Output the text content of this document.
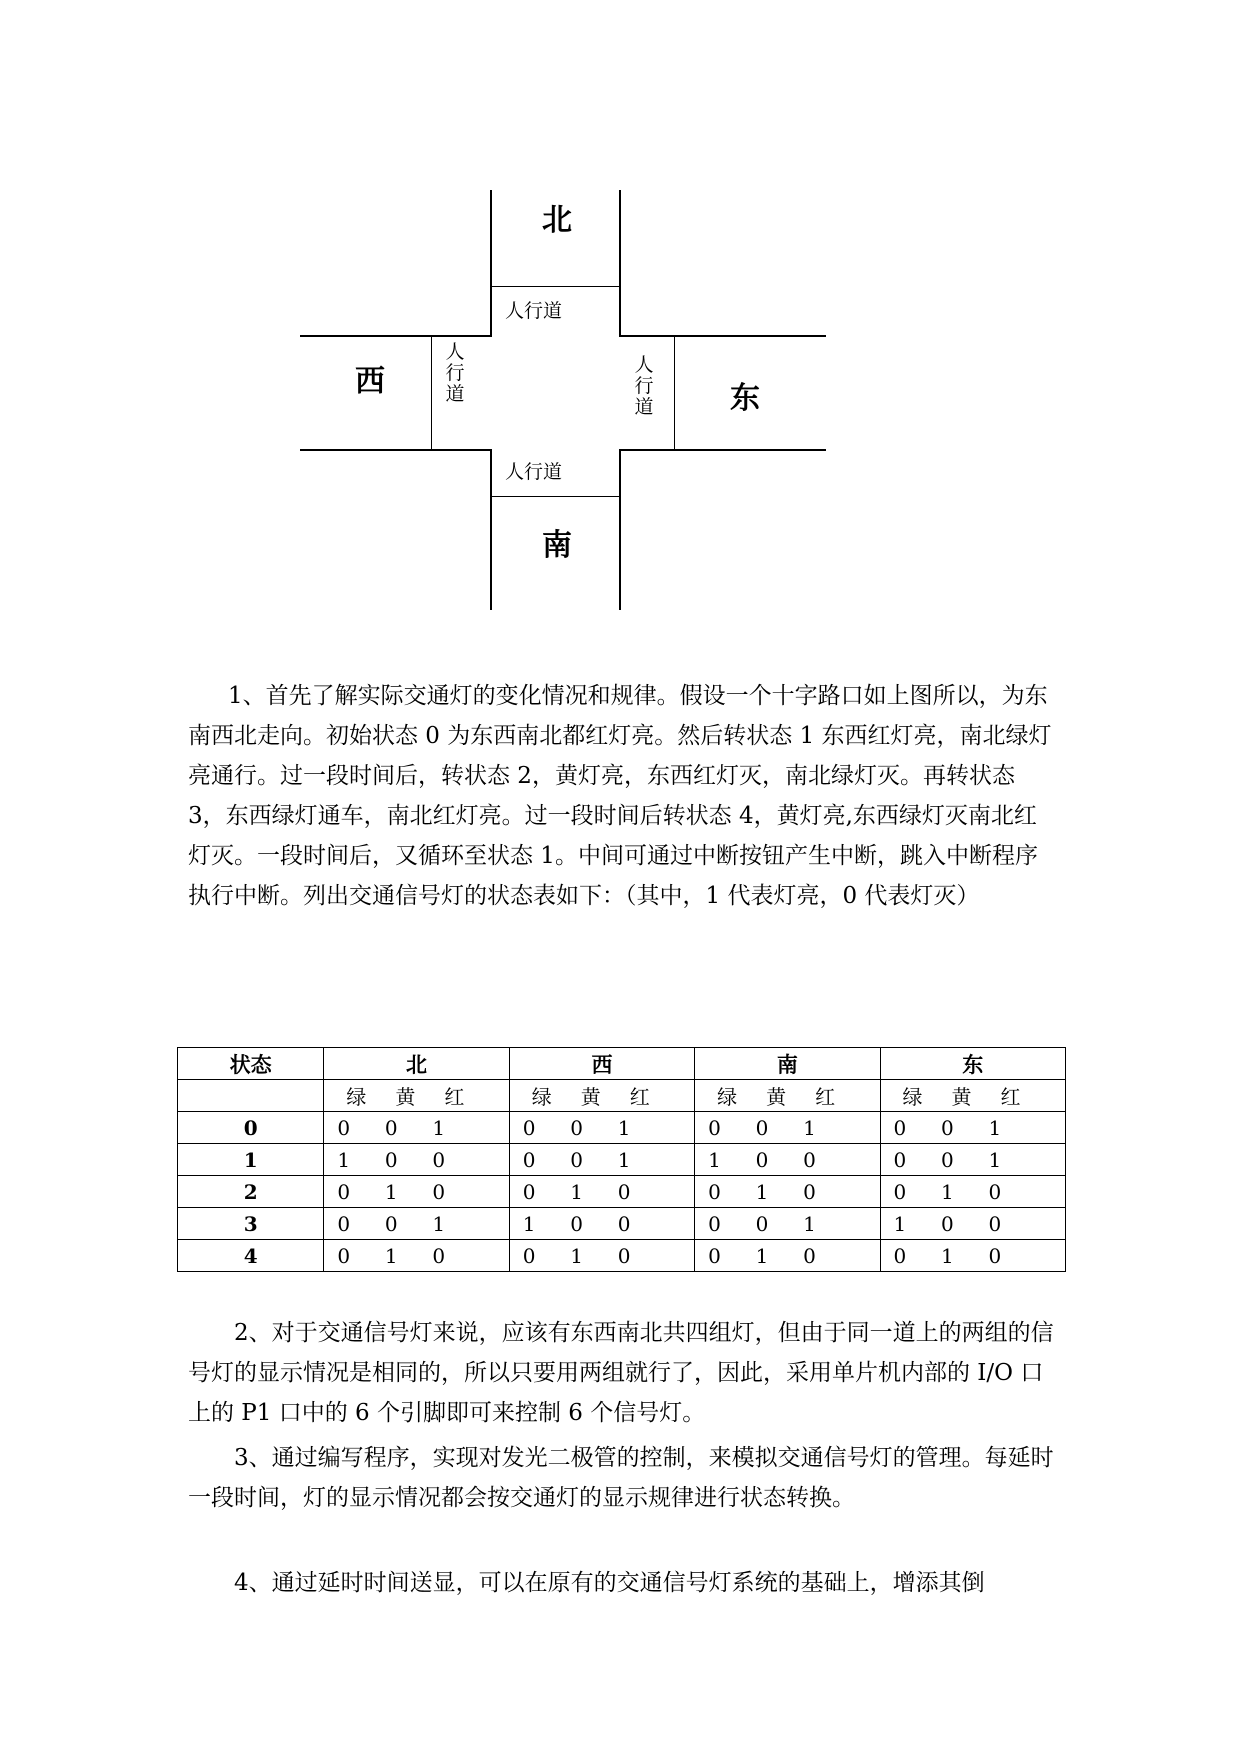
北
南
西	东
人行道
人行道
人
行
道
人
行
道

1、首先了解实际交通灯的变化情况和规律。假设一个十字路口如上图所以，为东南西北走向。初始状态 0 为东西南北都红灯亮。然后转状态 1 东西红灯亮，南北绿灯亮通行。过一段时间后，转状态 2，黄灯亮，东西红灯灭，南北绿灯灭。再转状态 3，东西绿灯通车，南北红灯亮。过一段时间后转状态 4，黄灯亮,东西绿灯灭南北红灯灭。一段时间后，又循环至状态 1。中间可通过中断按钮产生中断，跳入中断程序执行中断。列出交通信号灯的状态表如下：（其中，1 代表灯亮，0 代表灯灭）

状态	北	西	南	东

	绿 黄 红	绿 黄 红	绿 黄 红	绿 黄 红

0	0 0 1	0 0 1	0 0 1	0 0 1

1	1 0 0	0 0 1	1 0 0	0 0 1

2	0 1 0	0 1 0	0 1 0	0 1 0

3	0 0 1	1 0 0	0 0 1	1 0 0

4	0 1 0	0 1 0	0 1 0	0 1 0

2、对于交通信号灯来说，应该有东西南北共四组灯，但由于同一道上的两组的信号灯的显示情况是相同的，所以只要用两组就行了，因此，采用单片机内部的 I/O 口上的 P1 口中的 6 个引脚即可来控制 6 个信号灯。

3、通过编写程序，实现对发光二极管的控制，来模拟交通信号灯的管理。每延时一段时间，灯的显示情况都会按交通灯的显示规律进行状态转换。

4、通过延时时间送显，可以在原有的交通信号灯系统的基础上，增添其倒
